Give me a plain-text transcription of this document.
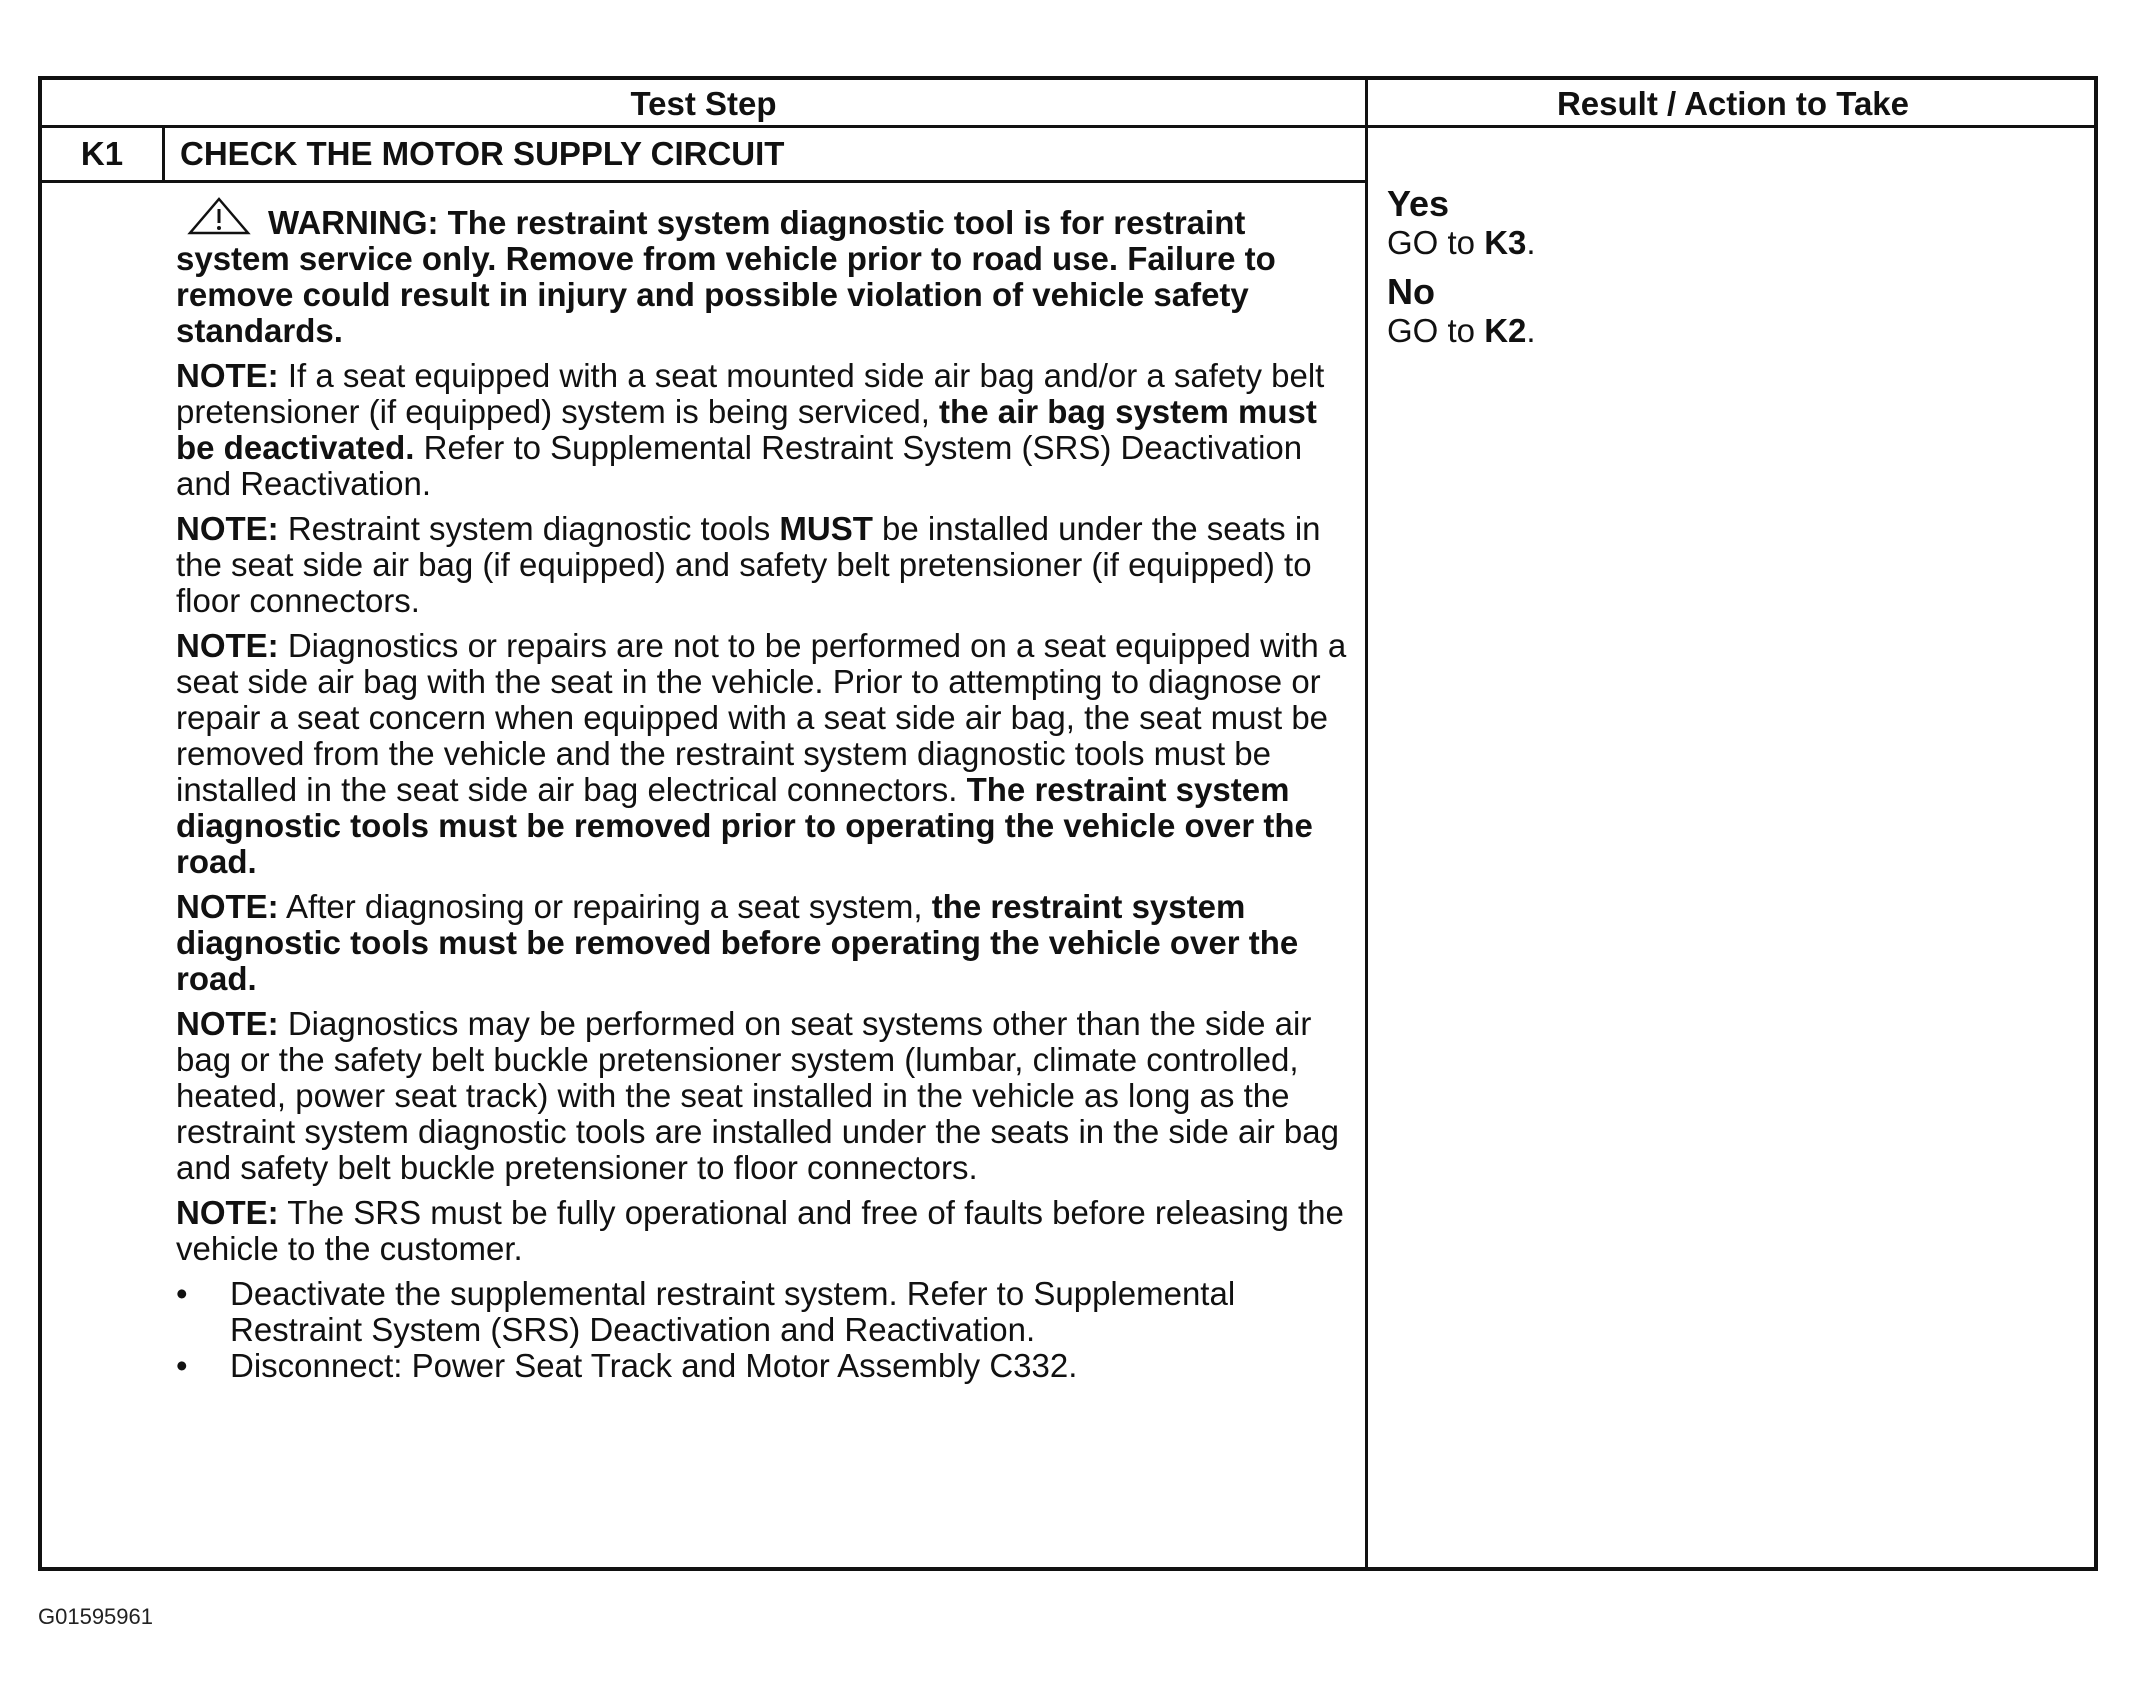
Test Step	Result / Action to Take
K1	CHECK THE MOTOR SUPPLY CIRCUIT

WARNING: The restraint system diagnostic tool is for restraint system service only. Remove from vehicle prior to road use. Failure to remove could result in injury and possible violation of vehicle safety standards.

NOTE: If a seat equipped with a seat mounted side air bag and/or a safety belt pretensioner (if equipped) system is being serviced, the air bag system must be deactivated. Refer to Supplemental Restraint System (SRS) Deactivation and Reactivation.

NOTE: Restraint system diagnostic tools MUST be installed under the seats in the seat side air bag (if equipped) and safety belt pretensioner (if equipped) to floor connectors.

NOTE: Diagnostics or repairs are not to be performed on a seat equipped with a seat side air bag with the seat in the vehicle. Prior to attempting to diagnose or repair a seat concern when equipped with a seat side air bag, the seat must be removed from the vehicle and the restraint system diagnostic tools must be installed in the seat side air bag electrical connectors. The restraint system diagnostic tools must be removed prior to operating the vehicle over the road.

NOTE: After diagnosing or repairing a seat system, the restraint system diagnostic tools must be removed before operating the vehicle over the road.

NOTE: Diagnostics may be performed on seat systems other than the side air bag or the safety belt buckle pretensioner system (lumbar, climate controlled, heated, power seat track) with the seat installed in the vehicle as long as the restraint system diagnostic tools are installed under the seats in the side air bag and safety belt buckle pretensioner to floor connectors.

NOTE: The SRS must be fully operational and free of faults before releasing the vehicle to the customer.

• Deactivate the supplemental restraint system. Refer to Supplemental Restraint System (SRS) Deactivation and Reactivation.
• Disconnect: Power Seat Track and Motor Assembly C332.
Yes
GO to K3.
No
GO to K2.
G01595961
